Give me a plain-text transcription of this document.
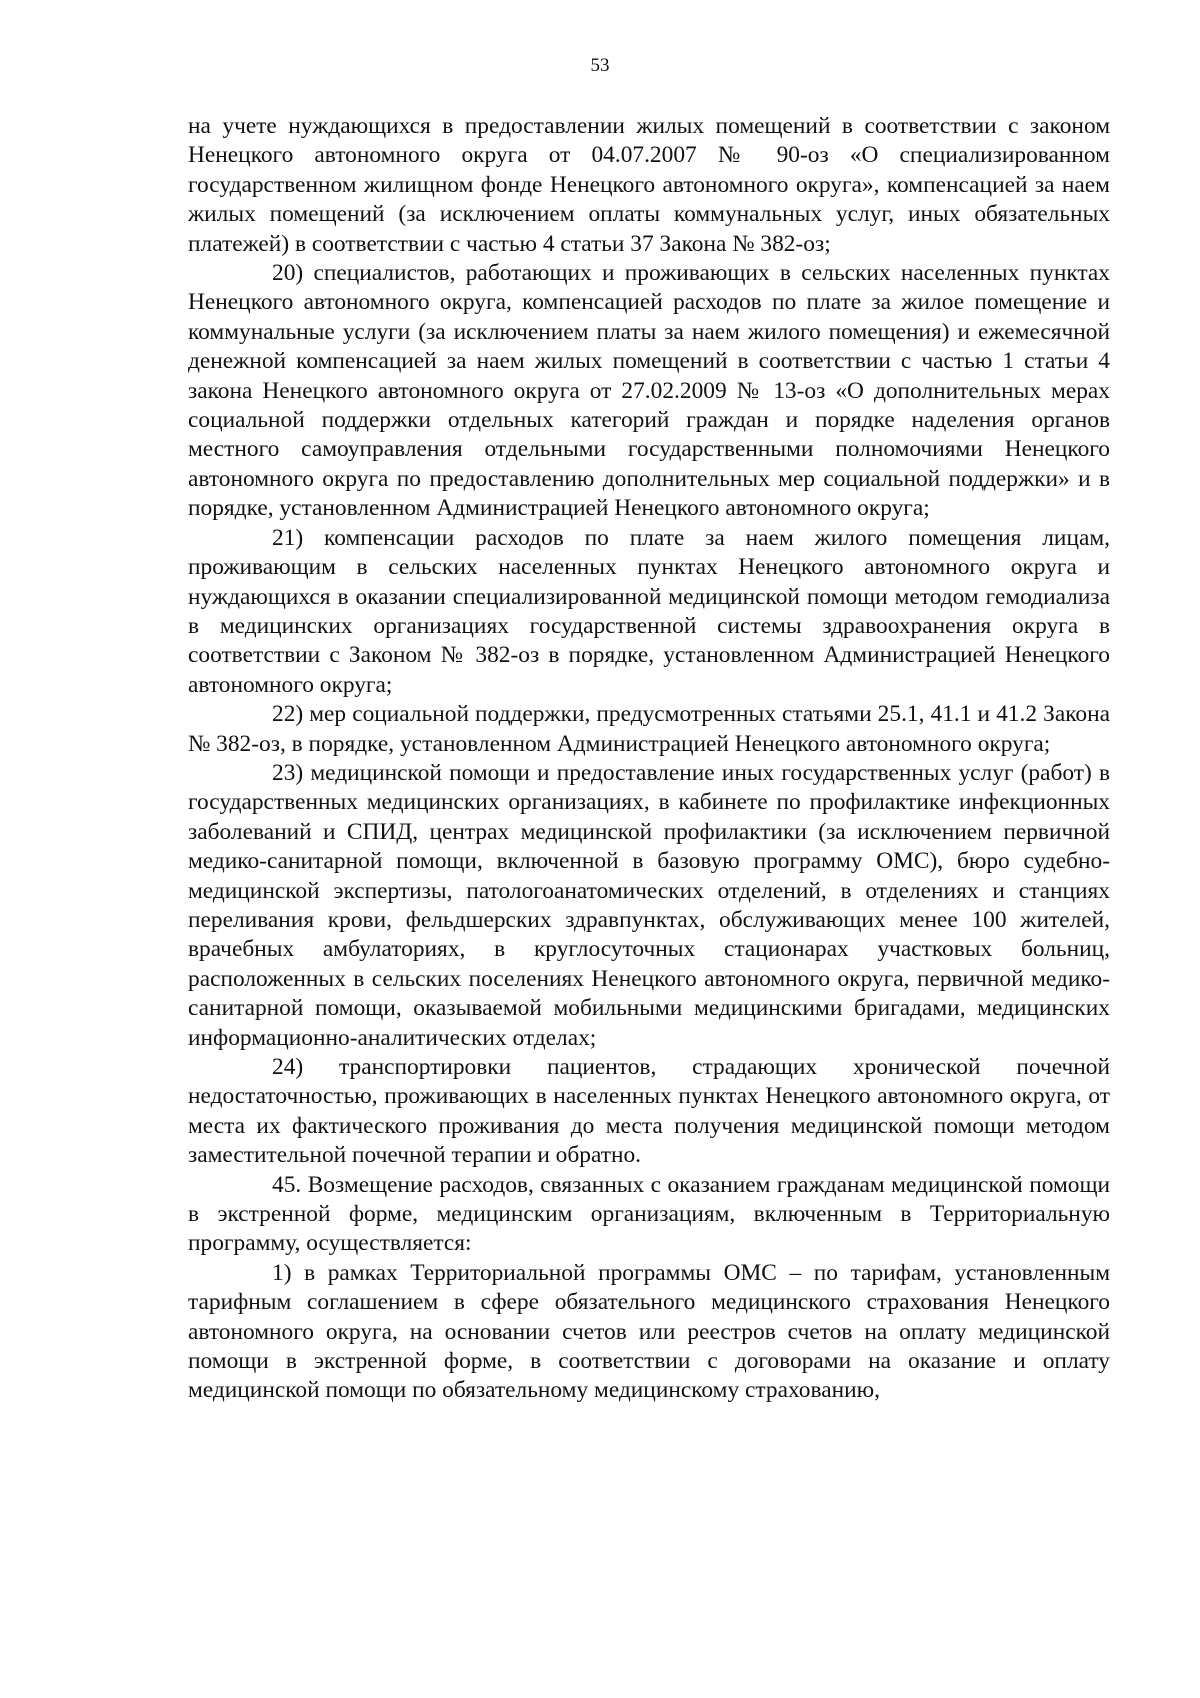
53

на учете нуждающихся в предоставлении жилых помещений в соответствии с законом Ненецкого автономного округа от 04.07.2007 № 90-оз «О специализированном государственном жилищном фонде Ненецкого автономного округа», компенсацией за наем жилых помещений (за исключением оплаты коммунальных услуг, иных обязательных платежей) в соответствии с частью 4 статьи 37 Закона № 382-оз;

20) специалистов, работающих и проживающих в сельских населенных пунктах Ненецкого автономного округа, компенсацией расходов по плате за жилое помещение и коммунальные услуги (за исключением платы за наем жилого помещения) и ежемесячной денежной компенсацией за наем жилых помещений в соответствии с частью 1 статьи 4 закона Ненецкого автономного округа от 27.02.2009 № 13-оз «О дополнительных мерах социальной поддержки отдельных категорий граждан и порядке наделения органов местного самоуправления отдельными государственными полномочиями Ненецкого автономного округа по предоставлению дополнительных мер социальной поддержки» и в порядке, установленном Администрацией Ненецкого автономного округа;

21) компенсации расходов по плате за наем жилого помещения лицам, проживающим в сельских населенных пунктах Ненецкого автономного округа и нуждающихся в оказании специализированной медицинской помощи методом гемодиализа в медицинских организациях государственной системы здравоохранения округа в соответствии с Законом № 382-оз в порядке, установленном Администрацией Ненецкого автономного округа;

22) мер социальной поддержки, предусмотренных статьями 25.1, 41.1 и 41.2 Закона № 382-оз, в порядке, установленном Администрацией Ненецкого автономного округа;

23) медицинской помощи и предоставление иных государственных услуг (работ) в государственных медицинских организациях, в кабинете по профилактике инфекционных заболеваний и СПИД, центрах медицинской профилактики (за исключением первичной медико-санитарной помощи, включенной в базовую программу ОМС), бюро судебно-медицинской экспертизы, патологоанатомических отделений, в отделениях и станциях переливания крови, фельдшерских здравпунктах, обслуживающих менее 100 жителей, врачебных амбулаториях, в круглосуточных стационарах участковых больниц, расположенных в сельских поселениях Ненецкого автономного округа, первичной медико-санитарной помощи, оказываемой мобильными медицинскими бригадами, медицинских информационно-аналитических отделах;

24) транспортировки пациентов, страдающих хронической почечной недостаточностью, проживающих в населенных пунктах Ненецкого автономного округа, от места их фактического проживания до места получения медицинской помощи методом заместительной почечной терапии и обратно.

45. Возмещение расходов, связанных с оказанием гражданам медицинской помощи в экстренной форме, медицинским организациям, включенным в Территориальную программу, осуществляется:

1) в рамках Территориальной программы ОМС – по тарифам, установленным тарифным соглашением в сфере обязательного медицинского страхования Ненецкого автономного округа, на основании счетов или реестров счетов на оплату медицинской помощи в экстренной форме, в соответствии с договорами на оказание и оплату медицинской помощи по обязательному медицинскому страхованию,
